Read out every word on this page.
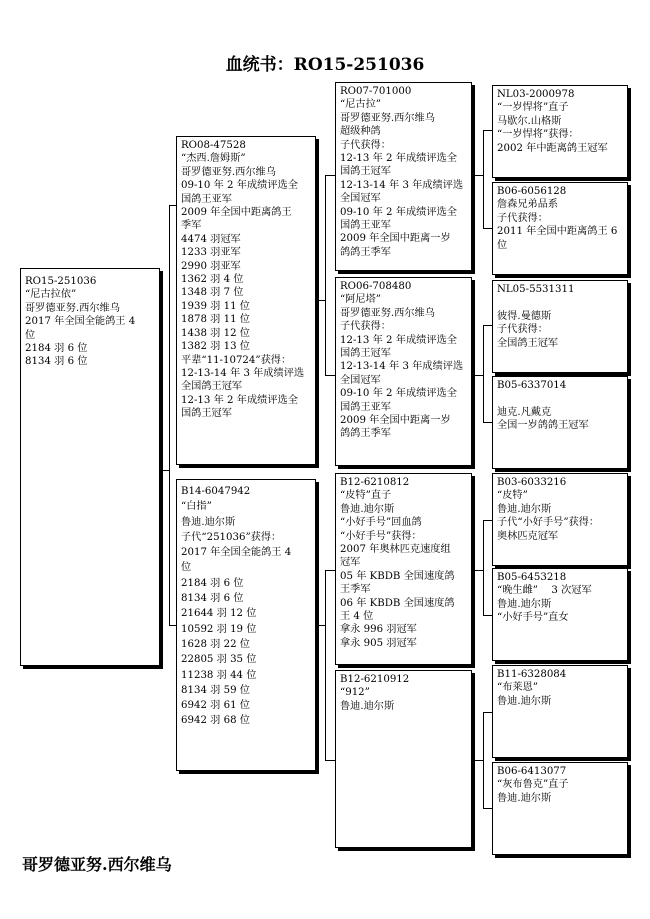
血统书：RO15-251036
RO15-251036
“尼古拉依”
哥罗德亚努.西尔维乌
2017 年全国全能鸽王 4
位
2184 羽 6 位
8134 羽 6 位
RO08-47528
“杰西.詹姆斯”
哥罗德亚努.西尔维乌
09-10 年 2 年成绩评选全
国鸽王亚军
2009 年全国中距离鸽王
季军
4474 羽冠军
1233 羽亚军
2990 羽亚军
1362 羽 4 位
1348 羽 7 位
1939 羽 11 位
1878 羽 11 位
1438 羽 12 位
1382 羽 13 位
平辈“11-10724”获得：
12-13-14 年 3 年成绩评选
全国鸽王冠军
12-13 年 2 年成绩评选全
国鸽王冠军
B14-6047942
“白指”
鲁迪.迪尔斯
子代“251036”获得：
2017 年全国全能鸽王 4
位
2184 羽 6 位
8134 羽 6 位
21644 羽 12 位
10592 羽 19 位
1628 羽 22 位
22805 羽 35 位
11238 羽 44 位
8134 羽 59 位
6942 羽 61 位
6942 羽 68 位
RO07-701000
“尼古拉”
哥罗德亚努.西尔维乌
超级种鸽
子代获得：
12-13 年 2 年成绩评选全
国鸽王冠军
12-13-14 年 3 年成绩评选
全国冠军
09-10 年 2 年成绩评选全
国鸽王亚军
2009 年全国中距离一岁
鸽鸽王季军
RO06-708480
“阿尼塔”
哥罗德亚努.西尔维乌
子代获得：
12-13 年 2 年成绩评选全
国鸽王冠军
12-13-14 年 3 年成绩评选
全国冠军
09-10 年 2 年成绩评选全
国鸽王亚军
2009 年全国中距离一岁
鸽鸽王季军
B12-6210812
“皮特”直子
鲁迪.迪尔斯
“小好手号”回血鸽
“小好手号”获得：
2007 年奥林匹克速度组
冠军
05 年 KBDB 全国速度鸽
王季军
06 年 KBDB 全国速度鸽
王 4 位
拿永 996 羽冠军
拿永 905 羽冠军
B12-6210912
“912”
鲁迪.迪尔斯
NL03-2000978
“一岁悍将”直子
马歇尔.山格斯
“一岁悍将”获得：
2002 年中距离鸽王冠军
B06-6056128
詹森兄弟品系
子代获得：
2011 年全国中距离鸽王 6
位
NL05-5531311

彼得.曼德斯
子代获得：
全国鸽王冠军
B05-6337014

迪克.凡戴克
全国一岁鸽鸽王冠军
B03-6033216
“皮特”
鲁迪.迪尔斯
子代“小好手号”获得：
奥林匹克冠军
B05-6453218
“晚生雌”　 3 次冠军
鲁迪.迪尔斯
“小好手号”直女
B11-6328084
“布莱恩”
鲁迪.迪尔斯
B06-6413077
“灰布鲁克”直子
鲁迪.迪尔斯
哥罗德亚努.西尔维乌
